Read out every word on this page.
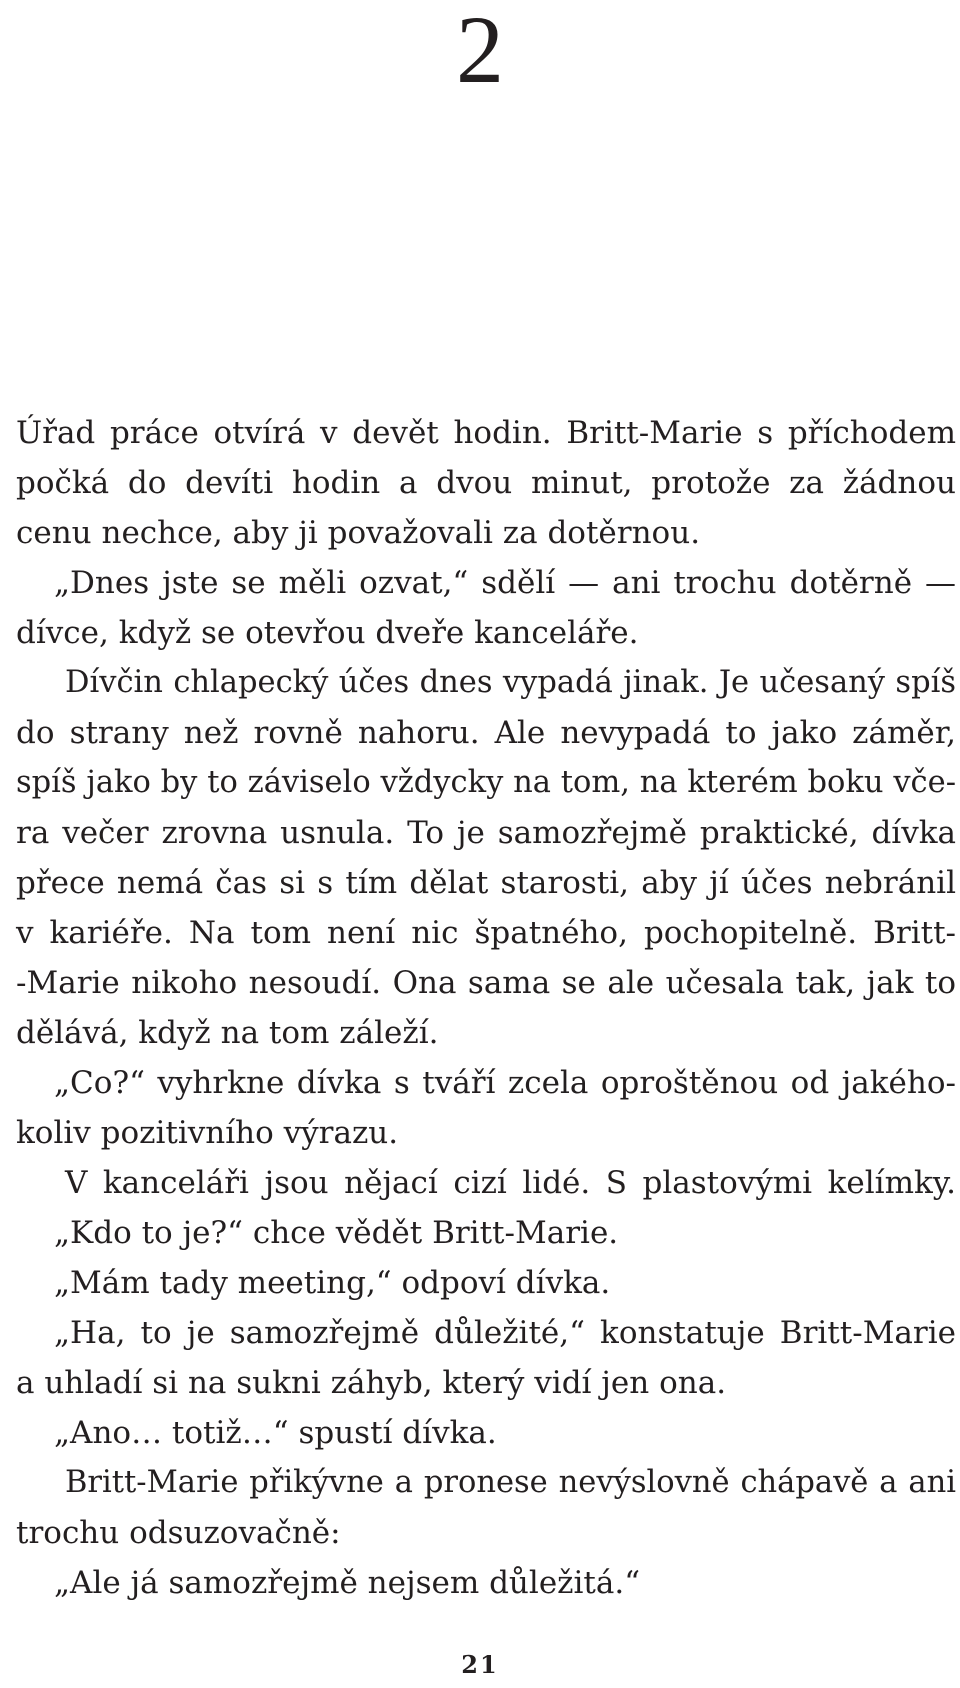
2
Úřad práce otvírá v devět hodin. Britt-Marie s příchodem
počká do devíti hodin a dvou minut, protože za žádnou
cenu nechce, aby ji považovali za dotěrnou.
„Dnes jste se měli ozvat,“ sdělí — ani trochu dotěrně —
dívce, když se otevřou dveře kanceláře.
Dívčin chlapecký účes dnes vypadá jinak. Je učesaný spíš
do strany než rovně nahoru. Ale nevypadá to jako záměr,
spíš jako by to záviselo vždycky na tom, na kterém boku vče-
ra večer zrovna usnula. To je samozřejmě praktické, dívka
přece nemá čas si s tím dělat starosti, aby jí účes nebránil
v kariéře. Na tom není nic špatného, pochopitelně. Britt-
-Marie nikoho nesoudí. Ona sama se ale učesala tak, jak to
dělává, když na tom záleží.
„Co?“ vyhrkne dívka s tváří zcela oproštěnou od jakého-
koliv pozitivního výrazu.
V kanceláři jsou nějací cizí lidé. S plastovými kelímky.
„Kdo to je?“ chce vědět Britt-Marie.
„Mám tady meeting,“ odpoví dívka.
„Ha, to je samozřejmě důležité,“ konstatuje Britt-Marie
a uhladí si na sukni záhyb, který vidí jen ona.
„Ano… totiž…“ spustí dívka.
Britt-Marie přikývne a pronese nevýslovně chápavě a ani
trochu odsuzovačně:
„Ale já samozřejmě nejsem důležitá.“
21
